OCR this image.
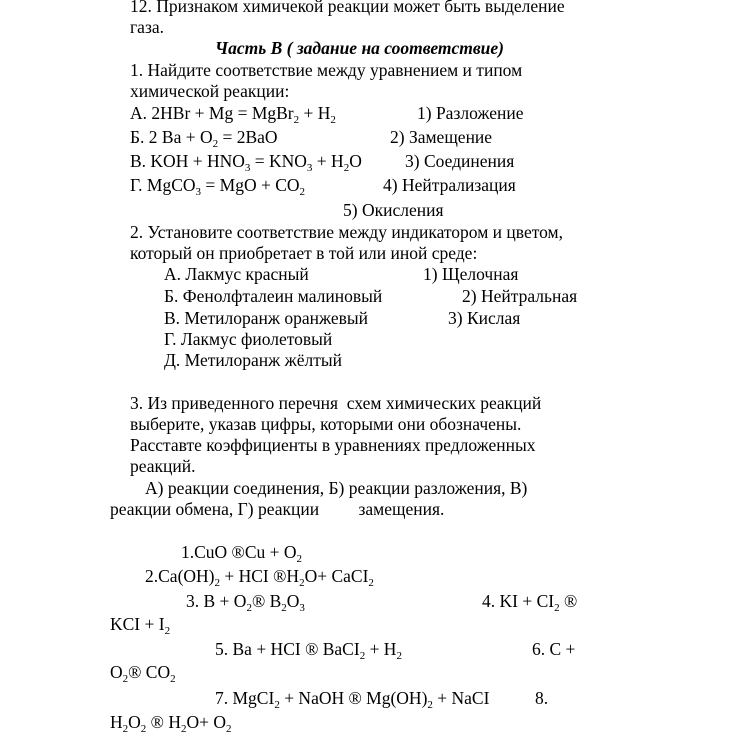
12. Признаком химичекой реакции может быть выделение
газа.
Часть В ( задание на соответствие)
1. Найдите соответствие между уравнением и типом
химической реакции:
А. 2HBr + Mg = MgBr$_2$ + $H_2$	1) Разложение
Б. 2 $Ba + O_2 = 2BaO$	2) Замещение
В. KOH + $HNO_3 = KNO_3 + H_2O$ 3) Соединения
Г. MgCO$_3$ = MgO + $CO_2$	4) Нейтрализация
5) Окисления
2. Установите соответствие между индикатором и цветом,
который он приобретает в той или иной среде:
А. Лакмус красный	1) Щелочная
Б. Фенолфталеин малиновый	2) Нейтральная
В. Метилоранж оранжевый	3) Кислая
Г. Лакмус фиолетовый
Д. Метилоранж жёлтый
3. Из приведенного перечня  схем химических реакций
выберите, указав цифры, которыми они обозначены.
Расставте коэффициенты в уравнениях предложенных
реакций.
А) реакции соединения, Б) реакции разложения, В)
реакции обмена, Г) реакции         замещения.
1.CuO ®Cu + $O_2$
$2.Ca(OH)_2$ + HCI $®H_2O+$ CaCI$_2$
3. $B + O_2®$ $B_2O_3$	4. KI + $CI_2$ ®
KCI + $I_2$
5. Ba + HCI ® BaCI$_2$ + $H_2$	6. C +
$O_2®$ $CO_2$
7. MgCI$_2$ + NaOH ® $Mg(OH)_2$ + NaCI	8.
$H_2O_2$ ® $H_2O+ O_2$
